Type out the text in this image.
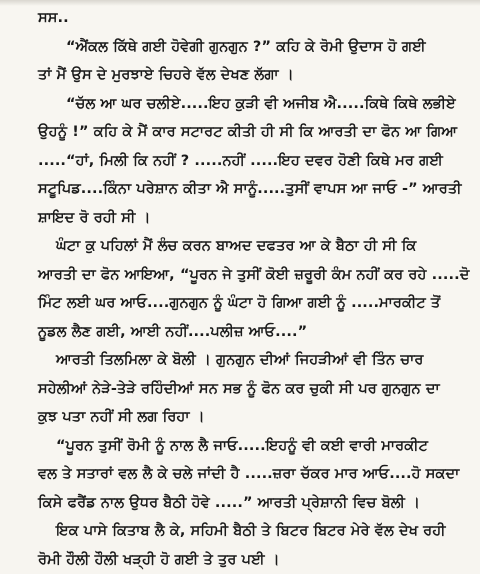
ਸਸ..
“ਐਂਕਲ ਕਿੱਥੇ ਗਈ ਹੋਵੇਗੀ ਗੁਨਗੁਨ ?” ਕਹਿ ਕੇ ਰੋਮੀ ਉਦਾਸ ਹੋ ਗਈ
ਤਾਂ ਮੈਂ ਉਸ ਦੇ ਮੁਰਝਾਏ ਚਿਹਰੇ ਵੱਲ ਦੇਖਣ ਲੱਗਾ ।
“ਚੱਲ ਆ ਘਰ ਚਲੀਏ.....ਇਹ ਕੁੜੀ ਵੀ ਅਜੀਬ ਐ.....ਕਿਥੇ ਕਿਥੇ ਲਭੀਏ
ਉਹਨੂੰ !” ਕਹਿ ਕੇ ਮੈਂ ਕਾਰ ਸਟਾਰਟ ਕੀਤੀ ਹੀ ਸੀ ਕਿ ਆਰਤੀ ਦਾ ਫੋਨ ਆ ਗਿਆ
.....“ਹਾਂ, ਮਿਲੀ ਕਿ ਨਹੀਂ ? .....ਨਹੀਂ .....ਇਹ ਦਵਰ ਹੋਣੀ ਕਿਥੇ ਮਰ ਗਈ
ਸਟੂਪਿਡ....ਕਿੰਨਾ ਪਰੇਸ਼ਾਨ ਕੀਤਾ ਐ ਸਾਨੂੰ.....ਤੁਸੀਂ ਵਾਪਸ ਆ ਜਾਓ -” ਆਰਤੀ
ਸ਼ਾਇਦ ਰੋ ਰਹੀ ਸੀ ।
ਘੰਟਾ ਕੁ ਪਹਿਲਾਂ ਮੈਂ ਲੰਚ ਕਰਨ ਬਾਅਦ ਦਫਤਰ ਆ ਕੇ ਬੈਠਾ ਹੀ ਸੀ ਕਿ
ਆਰਤੀ ਦਾ ਫੋਨ ਆਇਆ, “ਪੂਰਨ ਜੇ ਤੁਸੀਂ ਕੋਈ ਜ਼ਰੂਰੀ ਕੰਮ ਨਹੀਂ ਕਰ ਰਹੇ .....ਦੋ
ਮਿੰਟ ਲਈ ਘਰ ਆਓ....ਗੁਨਗੁਨ ਨੂੰ ਘੰਟਾ ਹੋ ਗਿਆ ਗਈ ਨੂੰ .....ਮਾਰਕੀਟ ਤੋਂ
ਨੂਡਲ ਲੈਣ ਗਈ, ਆਈ ਨਹੀਂ....ਪਲੀਜ਼ ਆਓ....”
ਆਰਤੀ ਤਿਲਮਿਲਾ ਕੇ ਬੋਲੀ । ਗੁਨਗੁਨ ਦੀਆਂ ਜਿਹੜੀਆਂ ਵੀ ਤਿੰਨ ਚਾਰ
ਸਹੇਲੀਆਂ ਨੇੜੇ-ਤੇੜੇ ਰਹਿੰਦੀਆਂ ਸਨ ਸਭ ਨੂੰ ਫੋਨ ਕਰ ਚੁਕੀ ਸੀ ਪਰ ਗੁਨਗੁਨ ਦਾ
ਕੁਝ ਪਤਾ ਨਹੀਂ ਸੀ ਲਗ ਰਿਹਾ ।
“ਪੂਰਨ ਤੁਸੀਂ ਰੋਮੀ ਨੂੰ ਨਾਲ ਲੈ ਜਾਓ.....ਇਹਨੂੰ ਵੀ ਕਈ ਵਾਰੀ ਮਾਰਕੀਟ
ਵਲ ਤੇ ਸਤਾਰਾਂ ਵਲ ਲੈ ਕੇ ਚਲੇ ਜਾਂਦੀ ਹੈ .....ਜ਼ਰਾ ਚੱਕਰ ਮਾਰ ਆਓ....ਹੋ ਸਕਦਾ
ਕਿਸੇ ਫਰੈਂਡ ਨਾਲ ਉਧਰ ਬੈਠੀ ਹੋਵੇ .....” ਆਰਤੀ ਪ੍ਰੇਸ਼ਾਨੀ ਵਿਚ ਬੋਲੀ ।
ਇਕ ਪਾਸੇ ਕਿਤਾਬ ਲੈ ਕੇ, ਸਹਿਮੀ ਬੈਠੀ ਤੇ ਬਿਟਰ ਬਿਟਰ ਮੇਰੇ ਵੱਲ ਦੇਖ ਰਹੀ
ਰੋਮੀ ਹੌਲੀ ਹੌਲੀ ਖੜ੍ਹੀ ਹੋ ਗਈ ਤੇ ਤੁਰ ਪਈ ।
